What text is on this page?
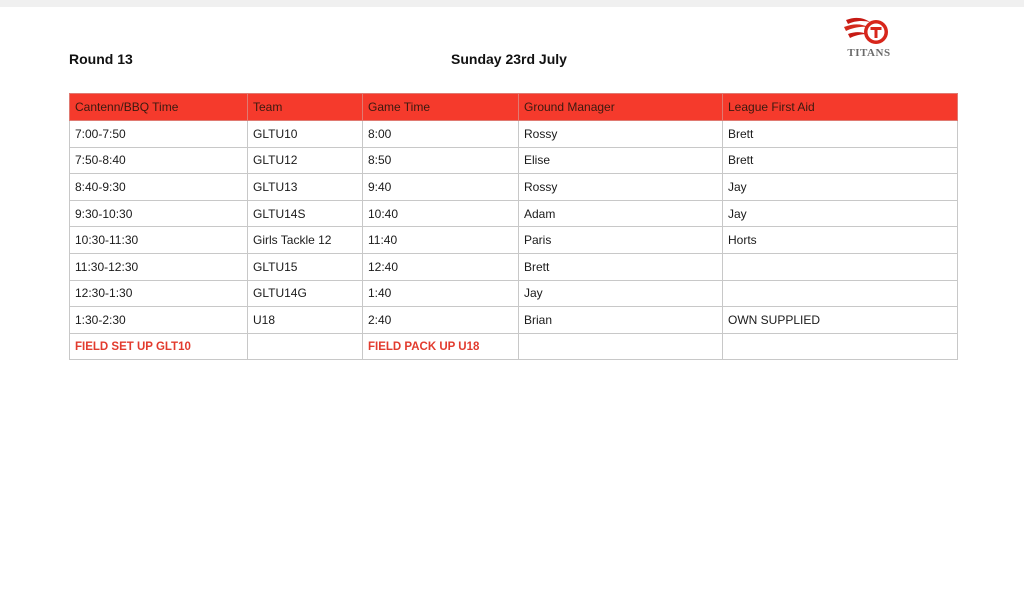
Round 13	Sunday 23rd July	TITANS
Cantenn/BBQ Time	Team	Game Time	Ground Manager	League First Aid
7:00-7:50	GLTU10	8:00	Rossy	Brett
7:50-8:40	GLTU12	8:50	Elise	Brett
8:40-9:30	GLTU13	9:40	Rossy	Jay
9:30-10:30	GLTU14S	10:40	Adam	Jay
10:30-11:30	Girls Tackle 12	11:40	Paris	Horts
11:30-12:30	GLTU15	12:40	Brett	
12:30-1:30	GLTU14G	1:40	Jay	
1:30-2:30	U18	2:40	Brian	OWN SUPPLIED
FIELD SET UP GLT10		FIELD PACK UP U18		
